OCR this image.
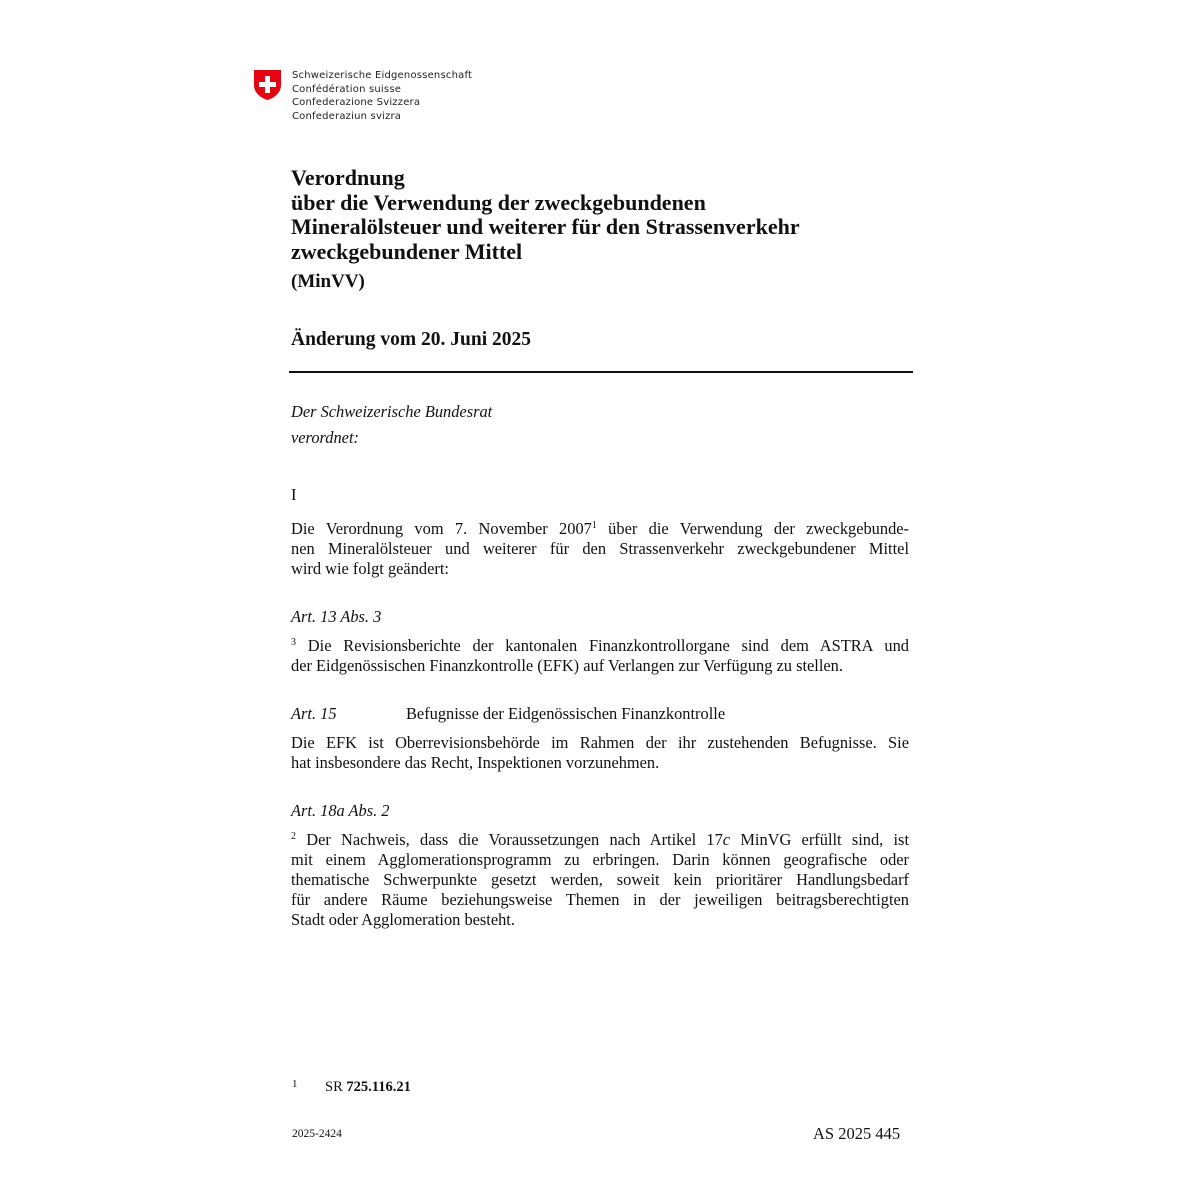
Schweizerische Eidgenossenschaft
Confédération suisse
Confederazione Svizzera
Confederaziun svizra
Verordnung
über die Verwendung der zweckgebundenen
Mineralölsteuer und weiterer für den Strassenverkehr
zweckgebundener Mittel
(MinVV)
Änderung vom 20. Juni 2025
Der Schweizerische Bundesrat
verordnet:
I
Die Verordnung vom 7. November 2007$^1$ über die Verwendung der zweckgebunde-
nen Mineralölsteuer und weiterer für den Strassenverkehr zweckgebundener Mittel
wird wie folgt geändert:
Art. 13 Abs. 3
$^3$ Die Revisionsberichte der kantonalen Finanzkontrollorgane sind dem ASTRA und
der Eidgenössischen Finanzkontrolle (EFK) auf Verlangen zur Verfügung zu stellen.
Art. 15	Befugnisse der Eidgenössischen Finanzkontrolle
Die EFK ist Oberrevisionsbehörde im Rahmen der ihr zustehenden Befugnisse. Sie
hat insbesondere das Recht, Inspektionen vorzunehmen.
Art. 18a Abs. 2
$^2$ Der Nachweis, dass die Voraussetzungen nach Artikel 17c MinVG erfüllt sind, ist
mit einem Agglomerationsprogramm zu erbringen. Darin können geografische oder
thematische Schwerpunkte gesetzt werden, soweit kein prioritärer Handlungsbedarf
für andere Räume beziehungsweise Themen in der jeweiligen beitragsberechtigten
Stadt oder Agglomeration besteht.
1 SR 725.116.21
2025-2424	AS 2025 445
